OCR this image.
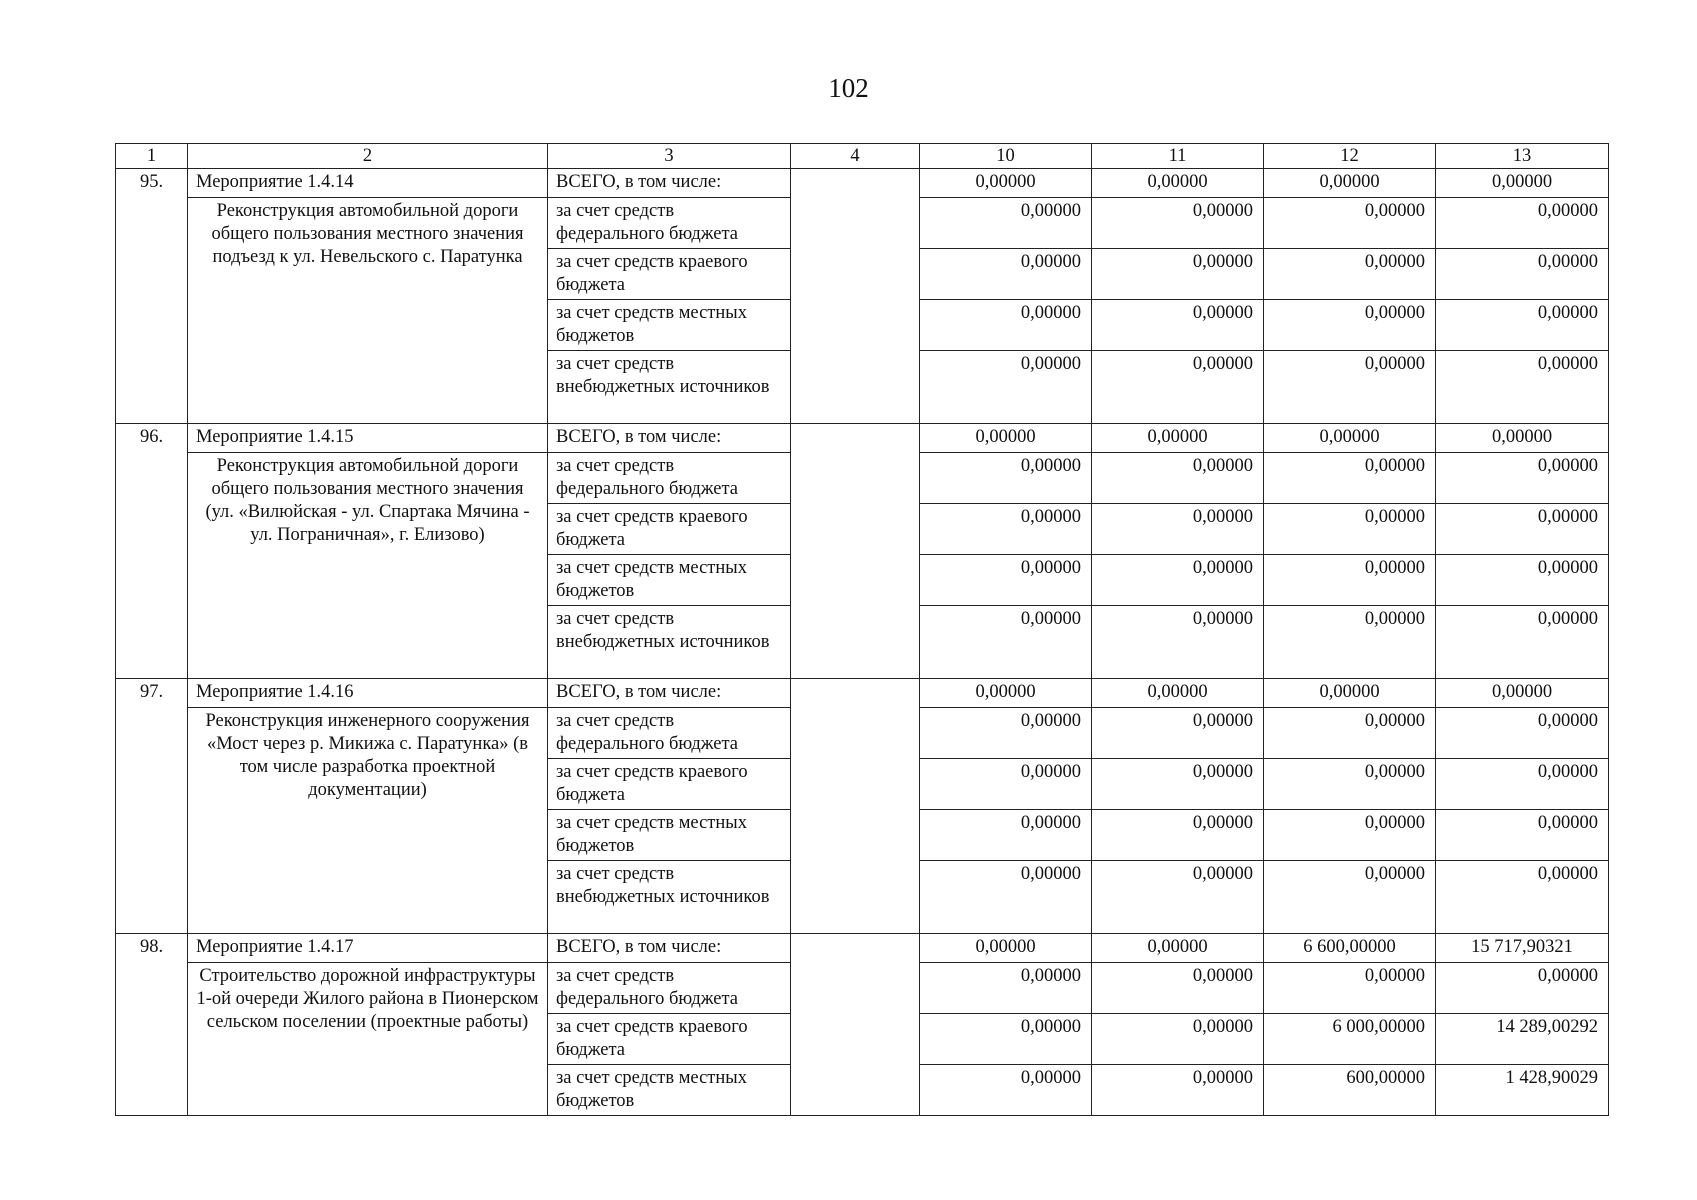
102
1	2	3	4	10	11	12	13
95.	Мероприятие 1.4.14	ВСЕГО, в том числе:		0,00000	0,00000	0,00000	0,00000
	Реконструкция автомобильной дороги общего пользования местного значения подъезд к ул. Невельского с. Паратунка	за счет средств федерального бюджета		0,00000	0,00000	0,00000	0,00000
		за счет средств краевого бюджета		0,00000	0,00000	0,00000	0,00000
		за счет средств местных бюджетов		0,00000	0,00000	0,00000	0,00000
		за счет средств внебюджетных источников		0,00000	0,00000	0,00000	0,00000
96.	Мероприятие 1.4.15	ВСЕГО, в том числе:		0,00000	0,00000	0,00000	0,00000
	Реконструкция автомобильной дороги общего пользования местного значения (ул. «Вилюйская - ул. Спартака Мячина - ул. Пограничная», г. Елизово)	за счет средств федерального бюджета		0,00000	0,00000	0,00000	0,00000
		за счет средств краевого бюджета		0,00000	0,00000	0,00000	0,00000
		за счет средств местных бюджетов		0,00000	0,00000	0,00000	0,00000
		за счет средств внебюджетных источников		0,00000	0,00000	0,00000	0,00000
97.	Мероприятие 1.4.16	ВСЕГО, в том числе:		0,00000	0,00000	0,00000	0,00000
	Реконструкция инженерного сооружения «Мост через р. Микижа с. Паратунка» (в том числе разработка проектной документации)	за счет средств федерального бюджета		0,00000	0,00000	0,00000	0,00000
		за счет средств краевого бюджета		0,00000	0,00000	0,00000	0,00000
		за счет средств местных бюджетов		0,00000	0,00000	0,00000	0,00000
		за счет средств внебюджетных источников		0,00000	0,00000	0,00000	0,00000
98.	Мероприятие 1.4.17	ВСЕГО, в том числе:		0,00000	0,00000	6 600,00000	15 717,90321
	Строительство дорожной инфраструктуры 1-ой очереди Жилого района в Пионерском сельском поселении (проектные работы)	за счет средств федерального бюджета		0,00000	0,00000	0,00000	0,00000
		за счет средств краевого бюджета		0,00000	0,00000	6 000,00000	14 289,00292
		за счет средств местных бюджетов		0,00000	0,00000	600,00000	1 428,90029
